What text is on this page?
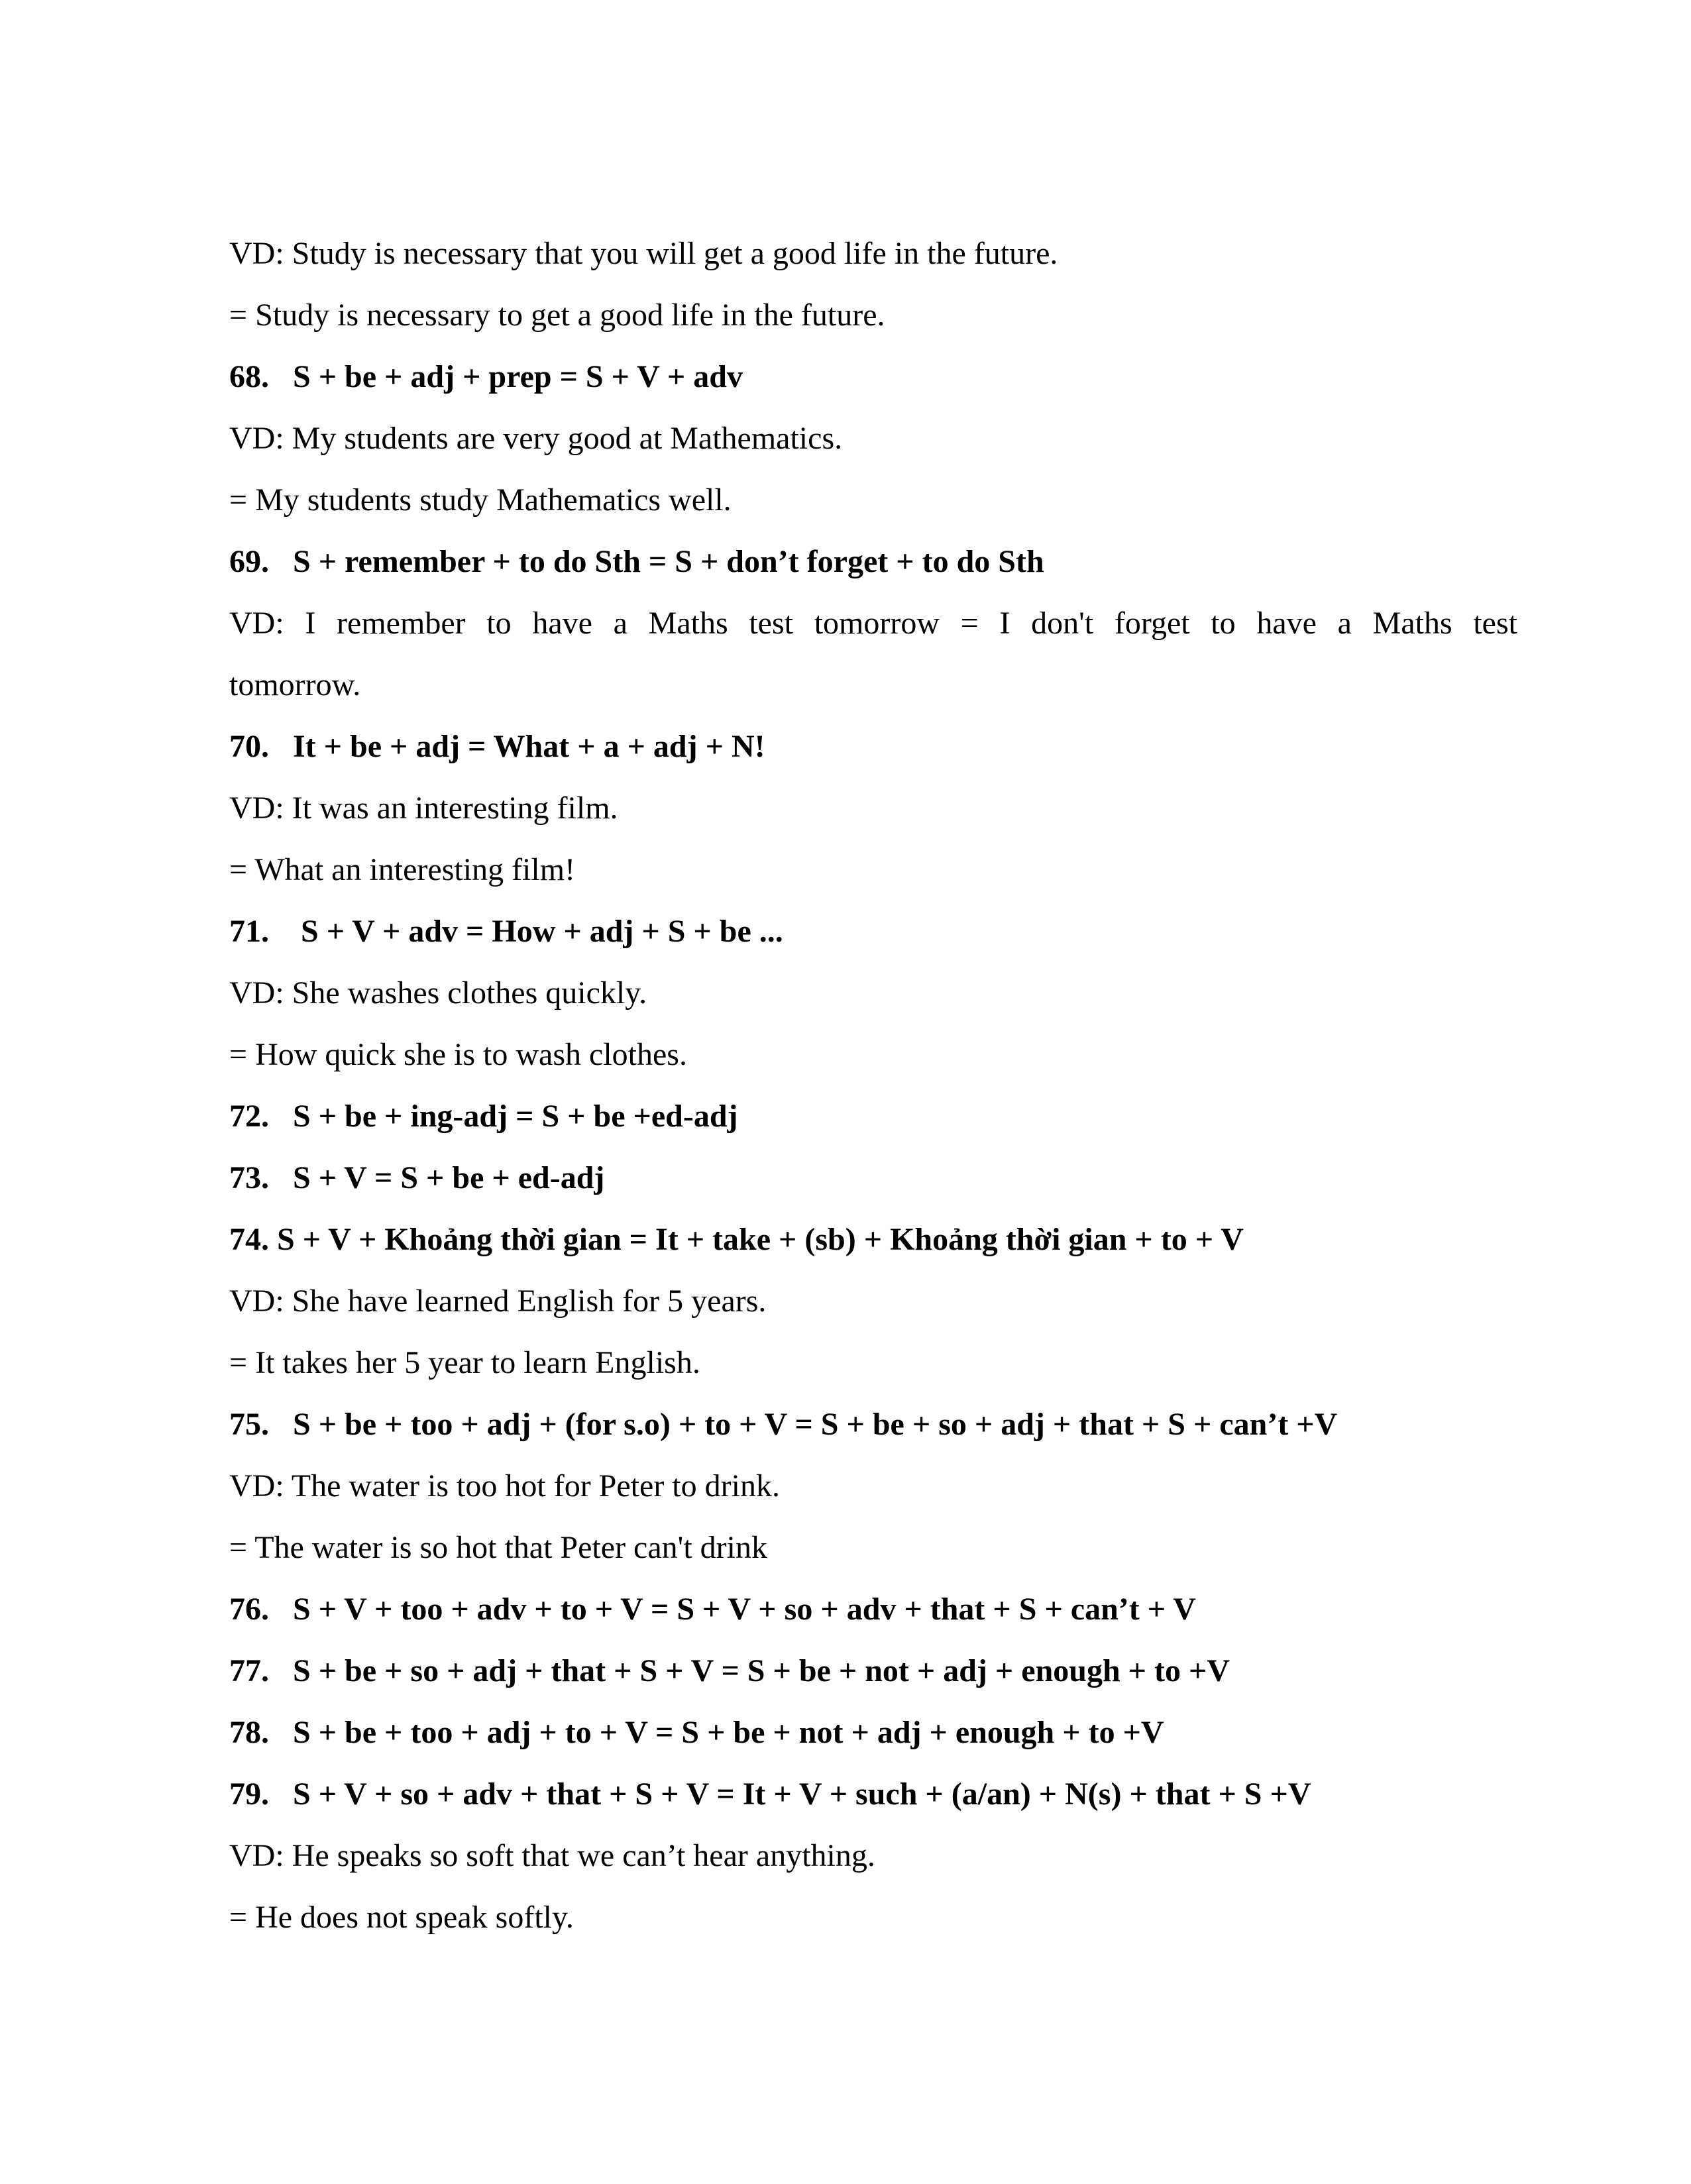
VD: Study is necessary that you will get a good life in the future.
= Study is necessary to get a good life in the future.
68. S + be + adj + prep = S + V + adv
VD: My students are very good at Mathematics.
= My students study Mathematics well.
69. S + remember + to do Sth = S + don’t forget + to do Sth
VD: I remember to have a Maths test tomorrow = I don't forget to have a Maths test
tomorrow.
70. It + be + adj = What + a + adj + N!
VD: It was an interesting film.
= What an interesting film!
71. S + V + adv = How + adj + S + be ...
VD: She washes clothes quickly.
= How quick she is to wash clothes.
72. S + be + ing-adj = S + be +ed-adj
73. S + V = S + be + ed-adj
74. S + V + Khoảng thời gian = It + take + (sb) + Khoảng thời gian + to + V
VD: She have learned English for 5 years.
= It takes her 5 year to learn English.
75. S + be + too + adj + (for s.o) + to + V = S + be + so + adj + that + S + can’t +V
VD: The water is too hot for Peter to drink.
= The water is so hot that Peter can't drink
76. S + V + too + adv + to + V = S + V + so + adv + that + S + can’t + V
77. S + be + so + adj + that + S + V = S + be + not + adj + enough + to +V
78. S + be + too + adj + to + V = S + be + not + adj + enough + to +V
79. S + V + so + adv + that + S + V = It + V + such + (a/an) + N(s) + that + S +V
VD: He speaks so soft that we can’t hear anything.
= He does not speak softly.
